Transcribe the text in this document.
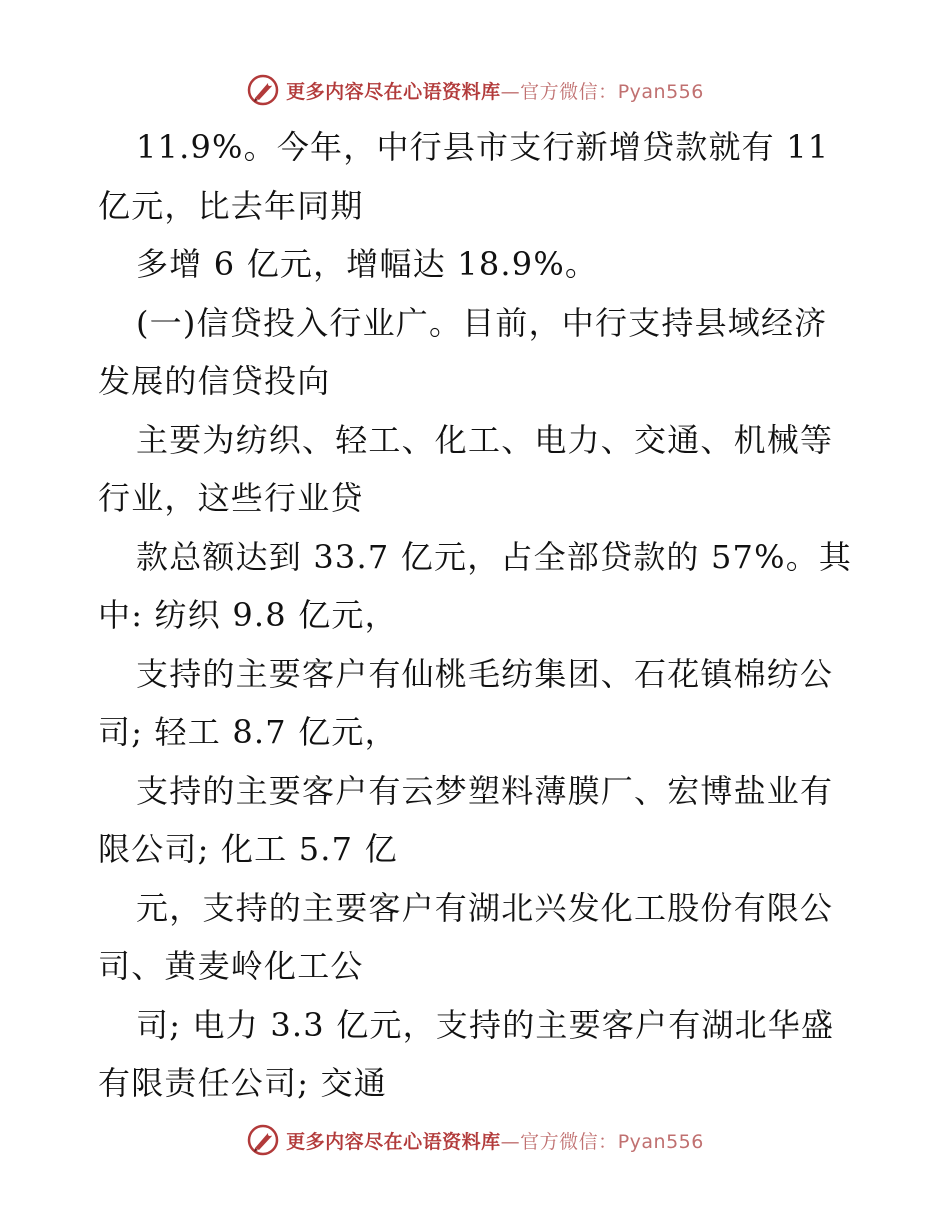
更多内容尽在心语资料库—官方微信：Pyan556
11.9%。今年，中行县市支行新增贷款就有 11
亿元，比去年同期
多增 6 亿元，增幅达 18.9%。
(一)信贷投入行业广。目前，中行支持县域经济
发展的信贷投向
主要为纺织、轻工、化工、电力、交通、机械等
行业，这些行业贷
款总额达到 33.7 亿元，占全部贷款的 57%。其
中: 纺织 9.8 亿元，
支持的主要客户有仙桃毛纺集团、石花镇棉纺公
司; 轻工 8.7 亿元，
支持的主要客户有云梦塑料薄膜厂、宏博盐业有
限公司; 化工 5.7 亿
元，支持的主要客户有湖北兴发化工股份有限公
司、黄麦岭化工公
司; 电力 3.3 亿元，支持的主要客户有湖北华盛
有限责任公司; 交通
更多内容尽在心语资料库—官方微信：Pyan556
